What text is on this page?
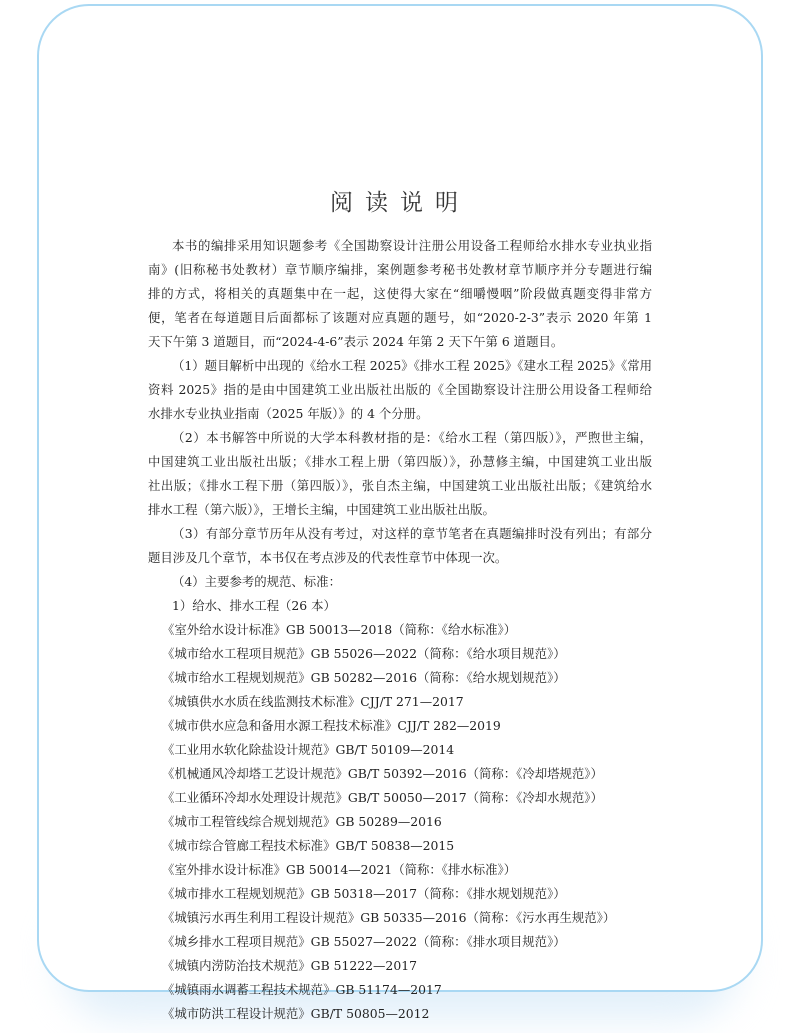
阅读说明
本书的编排采用知识题参考《全国勘察设计注册公用设备工程师给水排水专业执业指
南》(旧称秘书处教材）章节顺序编排，案例题参考秘书处教材章节顺序并分专题进行编
排的方式，将相关的真题集中在一起，这使得大家在“细嚼慢咽”阶段做真题变得非常方
便，笔者在每道题目后面都标了该题对应真题的题号，如“2020-2-3”表示 2020 年第 1
天下午第 3 道题目，而“2024-4-6”表示 2024 年第 2 天下午第 6 道题目。
（1）题目解析中出现的《给水工程 2025》《排水工程 2025》《建水工程 2025》《常用
资料 2025》指的是由中国建筑工业出版社出版的《全国勘察设计注册公用设备工程师给
水排水专业执业指南（2025 年版）》的 4 个分册。
（2）本书解答中所说的大学本科教材指的是：《给水工程（第四版）》，严煦世主编，
中国建筑工业出版社出版；《排水工程上册（第四版）》，孙慧修主编，中国建筑工业出版
社出版；《排水工程下册（第四版）》，张自杰主编，中国建筑工业出版社出版；《建筑给水
排水工程（第六版）》，王增长主编，中国建筑工业出版社出版。
（3）有部分章节历年从没有考过，对这样的章节笔者在真题编排时没有列出；有部分
题目涉及几个章节，本书仅在考点涉及的代表性章节中体现一次。
（4）主要参考的规范、标准：
1）给水、排水工程（26 本）
《室外给水设计标准》GB 50013—2018（简称：《给水标准》）
《城市给水工程项目规范》GB 55026—2022（简称：《给水项目规范》）
《城市给水工程规划规范》GB 50282—2016（简称：《给水规划规范》）
《城镇供水水质在线监测技术标准》CJJ/T 271—2017
《城市供水应急和备用水源工程技术标准》CJJ/T 282—2019
《工业用水软化除盐设计规范》GB/T 50109—2014
《机械通风冷却塔工艺设计规范》GB/T 50392—2016（简称：《冷却塔规范》）
《工业循环冷却水处理设计规范》GB/T 50050—2017（简称：《冷却水规范》）
《城市工程管线综合规划规范》GB 50289—2016
《城市综合管廊工程技术标准》GB/T 50838—2015
《室外排水设计标准》GB 50014—2021（简称：《排水标准》）
《城市排水工程规划规范》GB 50318—2017（简称：《排水规划规范》）
《城镇污水再生利用工程设计规范》GB 50335—2016（简称：《污水再生规范》）
《城乡排水工程项目规范》GB 55027—2022（简称：《排水项目规范》）
《城镇内涝防治技术规范》GB 51222—2017
《城镇雨水调蓄工程技术规范》GB 51174—2017
《城市防洪工程设计规范》GB/T 50805—2012
